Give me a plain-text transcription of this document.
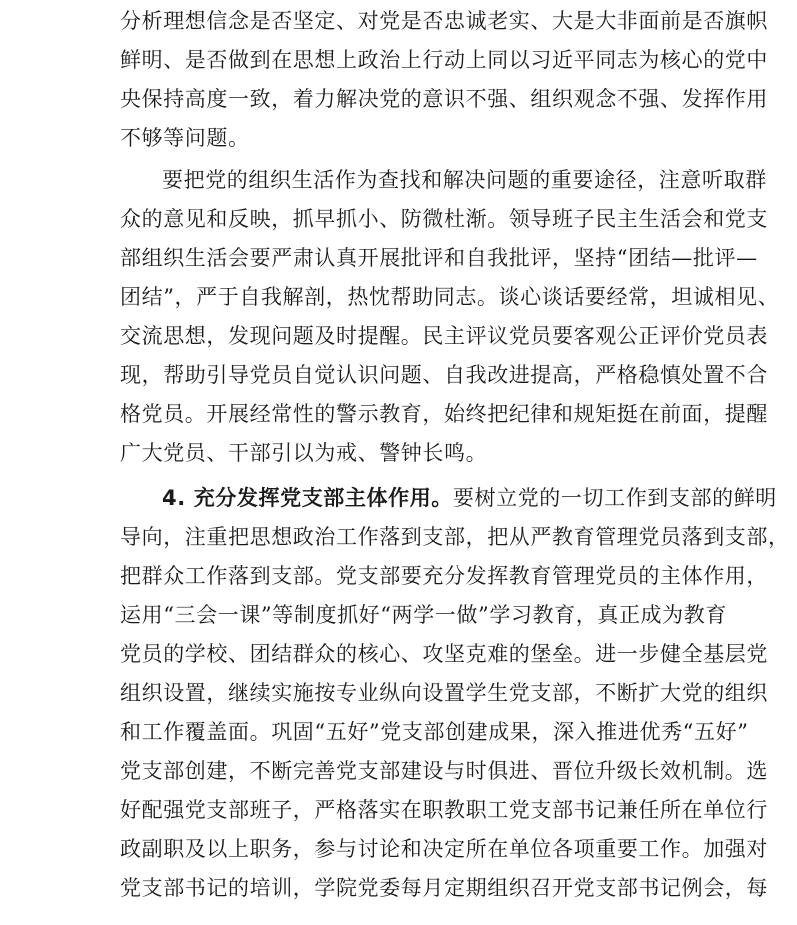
分析理想信念是否坚定、对党是否忠诚老实、大是大非面前是否旗帜
鲜明、是否做到在思想上政治上行动上同以习近平同志为核心的党中
央保持高度一致，着力解决党的意识不强、组织观念不强、发挥作用
不够等问题。
要把党的组织生活作为查找和解决问题的重要途径，注意听取群
众的意见和反映，抓早抓小、防微杜渐。领导班子民主生活会和党支
部组织生活会要严肃认真开展批评和自我批评，坚持“团结—批评—
团结”，严于自我解剖，热忱帮助同志。谈心谈话要经常，坦诚相见、
交流思想，发现问题及时提醒。民主评议党员要客观公正评价党员表
现，帮助引导党员自觉认识问题、自我改进提高，严格稳慎处置不合
格党员。开展经常性的警示教育，始终把纪律和规矩挺在前面，提醒
广大党员、干部引以为戒、警钟长鸣。
4. 充分发挥党支部主体作用。要树立党的一切工作到支部的鲜明
导向，注重把思想政治工作落到支部，把从严教育管理党员落到支部，
把群众工作落到支部。党支部要充分发挥教育管理党员的主体作用，
运用“三会一课”等制度抓好“两学一做”学习教育，真正成为教育
党员的学校、团结群众的核心、攻坚克难的堡垒。进一步健全基层党
组织设置，继续实施按专业纵向设置学生党支部，不断扩大党的组织
和工作覆盖面。巩固“五好”党支部创建成果，深入推进优秀“五好”
党支部创建，不断完善党支部建设与时俱进、晋位升级长效机制。选
好配强党支部班子，严格落实在职教职工党支部书记兼任所在单位行
政副职及以上职务，参与讨论和决定所在单位各项重要工作。加强对
党支部书记的培训，学院党委每月定期组织召开党支部书记例会，每
